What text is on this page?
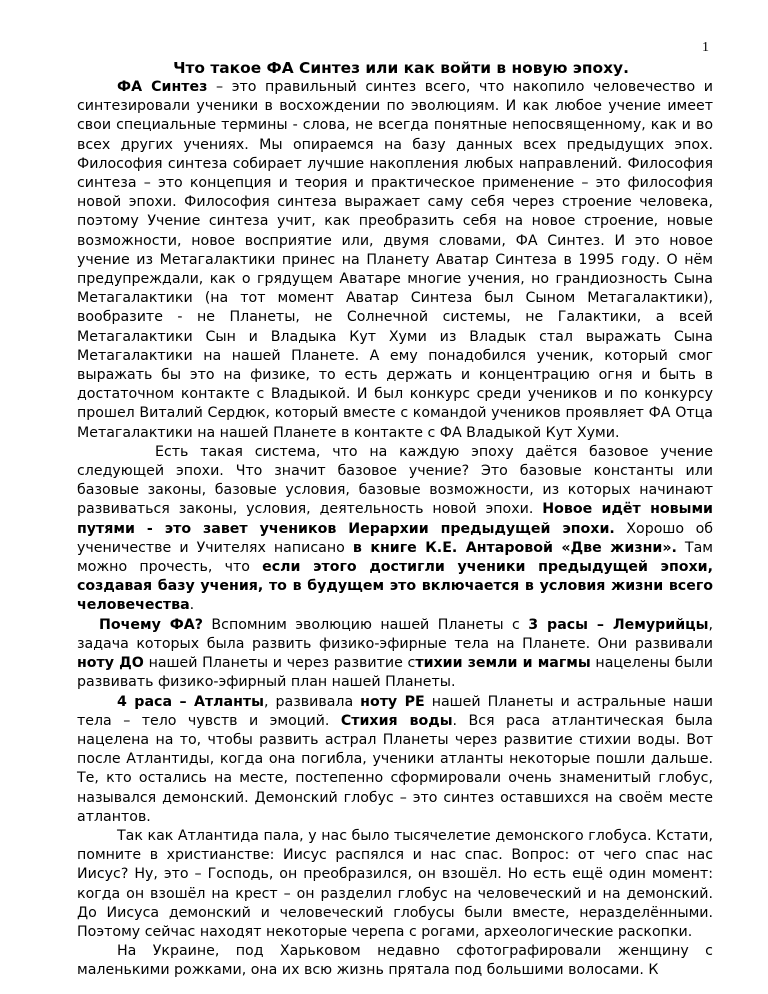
1
Что такое ФА Синтез или как войти в новую эпоху.

ФА Синтез – это правильный синтез всего, что накопило человечество и синтезировали ученики в восхождении по эволюциям. И как любое учение имеет свои специальные термины - слова, не всегда понятные непосвященному, как и во всех других учениях. Мы опираемся на базу данных всех предыдущих эпох. Философия синтеза собирает лучшие накопления любых направлений. Философия синтеза – это концепция и теория и практическое применение – это философия новой эпохи. Философия синтеза выражает саму себя через строение человека, поэтому Учение синтеза учит, как преобразить себя на новое строение, новые возможности, новое восприятие или, двумя словами, ФА Синтез. И это новое учение из Метагалактики принес на Планету Аватар Синтеза в 1995 году. О нём предупреждали, как о грядущем Аватаре многие учения, но грандиозность Сына Метагалактики (на тот момент Аватар Синтеза был Сыном Метагалактики), вообразите - не Планеты, не Солнечной системы, не Галактики, а всей Метагалактики Сын и Владыка Кут Хуми из Владык стал выражать Сына Метагалактики на нашей Планете. А ему понадобился ученик, который смог выражать бы это на физике, то есть держать и концентрацию огня и быть в достаточном контакте с Владыкой. И был конкурс среди учеников и по конкурсу прошел Виталий Сердюк, который вместе с командой учеников проявляет ФА Отца Метагалактики на нашей Планете в контакте с ФА Владыкой Кут Хуми.

Есть такая система, что на каждую эпоху даётся базовое учение следующей эпохи. Что значит базовое учение? Это базовые константы или базовые законы, базовые условия, базовые возможности, из которых начинают развиваться законы, условия, деятельность новой эпохи. Новое идёт новыми путями - это завет учеников Иерархии предыдущей эпохи. Хорошо об ученичестве и Учителях написано в книге К.Е. Антаровой «Две жизни». Там можно прочесть, что если этого достигли ученики предыдущей эпохи, создавая базу учения, то в будущем это включается в условия жизни всего человечества.

Почему ФА? Вспомним эволюцию нашей Планеты с 3 расы – Лемурийцы, задача которых была развить физико-эфирные тела на Планете. Они развивали ноту ДО нашей Планеты и через развитие стихии земли и магмы нацелены были развивать физико-эфирный план нашей Планеты.

4 раса – Атланты, развивала ноту РЕ нашей Планеты и астральные наши тела – тело чувств и эмоций. Стихия воды. Вся раса атлантическая была нацелена на то, чтобы развить астрал Планеты через развитие стихии воды. Вот после Атлантиды, когда она погибла, ученики атланты некоторые пошли дальше. Те, кто остались на месте, постепенно сформировали очень знаменитый глобус, назывался демонский. Демонский глобус – это синтез оставшихся на своём месте атлантов.

Так как Атлантида пала, у нас было тысячелетие демонского глобуса. Кстати, помните в христианстве: Иисус распялся и нас спас. Вопрос: от чего спас нас Иисус? Ну, это – Господь, он преобразился, он взошёл. Но есть ещё один момент: когда он взошёл на крест – он разделил глобус на человеческий и на демонский. До Иисуса демонский и человеческий глобусы были вместе, неразделёнными. Поэтому сейчас находят некоторые черепа с рогами, археологические раскопки.

На Украине, под Харьковом недавно сфотографировали женщину с маленькими рожками, она их всю жизнь прятала под большими волосами. К
